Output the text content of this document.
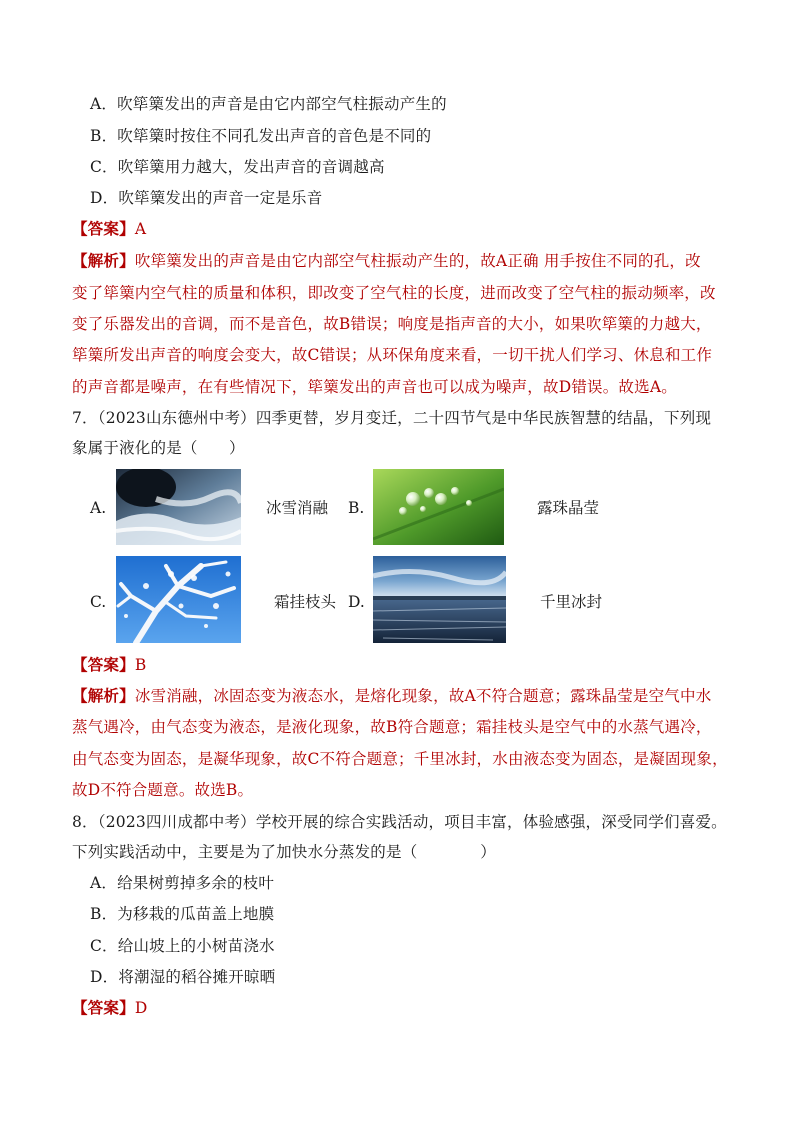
A．吹筚篥发出的声音是由它内部空气柱振动产生的
B．吹筚篥时按住不同孔发出声音的音色是不同的
C．吹筚篥用力越大，发出声音的音调越高
D．吹筚篥发出的声音一定是乐音
【答案】A
【解析】吹筚篥发出的声音是由它内部空气柱振动产生的，故A正确 用手按住不同的孔，改
变了筚篥内空气柱的质量和体积，即改变了空气柱的长度，进而改变了空气柱的振动频率，改
变了乐器发出的音调，而不是音色，故B错误；响度是指声音的大小，如果吹筚篥的力越大，
筚篥所发出声音的响度会变大，故C错误；从环保角度来看，一切干扰人们学习、休息和工作
的声音都是噪声，在有些情况下，筚篥发出的声音也可以成为噪声，故D错误。故选A。
7．（2023山东德州中考）四季更替，岁月变迁，二十四节气是中华民族智慧的结晶，下列现
象属于液化的是（　　）
A.	冰雪消融 B.	露珠晶莹
C.	霜挂枝头 D.	千里冰封
【答案】B
【解析】冰雪消融，冰固态变为液态水，是熔化现象，故A不符合题意；露珠晶莹是空气中水
蒸气遇冷，由气态变为液态，是液化现象，故B符合题意；霜挂枝头是空气中的水蒸气遇冷，
由气态变为固态，是凝华现象，故C不符合题意；千里冰封，水由液态变为固态，是凝固现象，
故D不符合题意。故选B。
8．（2023四川成都中考）学校开展的综合实践活动，项目丰富，体验感强，深受同学们喜爱。
下列实践活动中，主要是为了加快水分蒸发的是（　　　　）
A．给果树剪掉多余的枝叶
B．为移栽的瓜苗盖上地膜
C．给山坡上的小树苗浇水
D．将潮湿的稻谷摊开晾晒
【答案】D
